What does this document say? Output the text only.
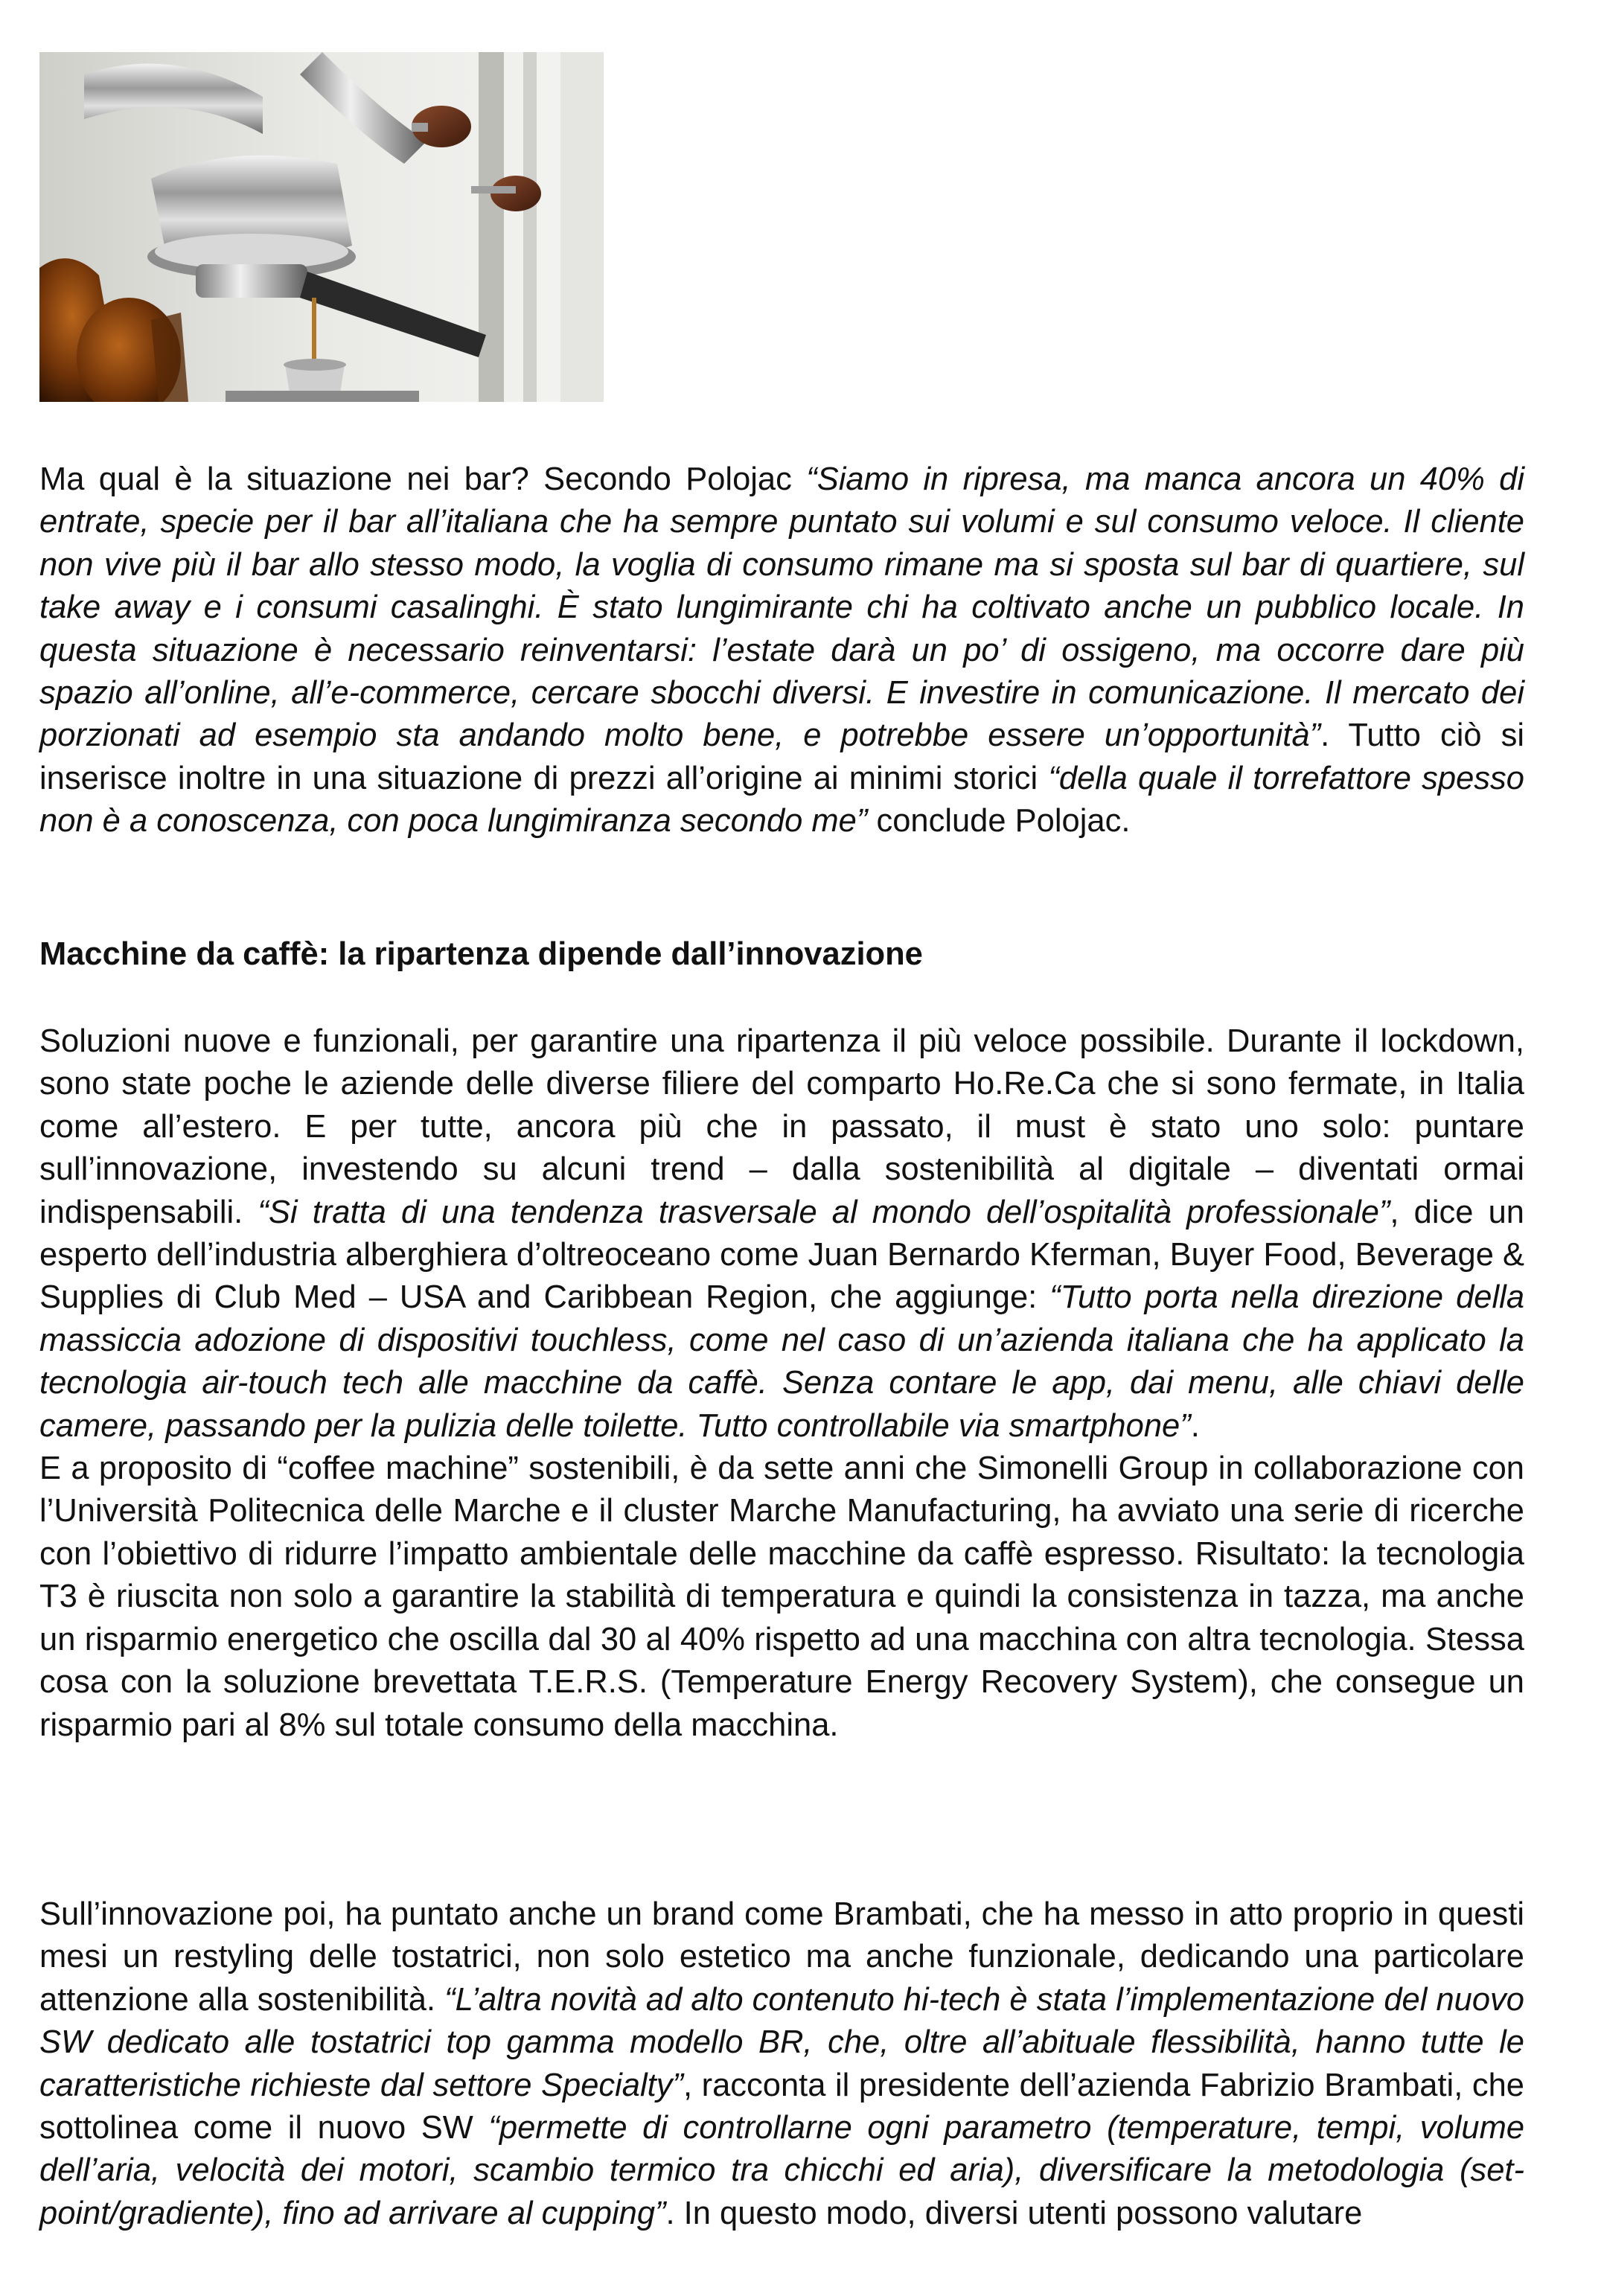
Ma qual è la situazione nei bar? Secondo Polojac “Siamo in ripresa, ma manca ancora un 40% di entrate, specie per il bar all’italiana che ha sempre puntato sui volumi e sul consumo veloce. Il cliente non vive più il bar allo stesso modo, la voglia di consumo rimane ma si sposta sul bar di quartiere, sul take away e i consumi casalinghi. È stato lungimirante chi ha coltivato anche un pubblico locale. In questa situazione è necessario reinventarsi: l’estate darà un po’ di ossigeno, ma occorre dare più spazio all’online, all’e-commerce, cercare sbocchi diversi. E investire in comunicazione. Il mercato dei porzionati ad esempio sta andando molto bene, e potrebbe essere un’opportunità”. Tutto ciò si inserisce inoltre in una situazione di prezzi all’origine ai minimi storici “della quale il torrefattore spesso non è a conoscenza, con poca lungimiranza secondo me” conclude Polojac.

Macchine da caffè: la ripartenza dipende dall’innovazione

Soluzioni nuove e funzionali, per garantire una ripartenza il più veloce possibile. Durante il lockdown, sono state poche le aziende delle diverse filiere del comparto Ho.Re.Ca che si sono fermate, in Italia come all’estero. E per tutte, ancora più che in passato, il must è stato uno solo: puntare sull’innovazione, investendo su alcuni trend – dalla sostenibilità al digitale – diventati ormai indispensabili. “Si tratta di una tendenza trasversale al mondo dell’ospitalità professionale”, dice un esperto dell’industria alberghiera d’oltreoceano come Juan Bernardo Kferman, Buyer Food, Beverage & Supplies di Club Med – USA and Caribbean Region, che aggiunge: “Tutto porta nella direzione della massiccia adozione di dispositivi touchless, come nel caso di un’azienda italiana che ha applicato la tecnologia air-touch tech alle macchine da caffè. Senza contare le app, dai menu, alle chiavi delle camere, passando per la pulizia delle toilette. Tutto controllabile via smartphone”.
E a proposito di “coffee machine” sostenibili, è da sette anni che Simonelli Group in collaborazione con l’Università Politecnica delle Marche e il cluster Marche Manufacturing, ha avviato una serie di ricerche con l’obiettivo di ridurre l’impatto ambientale delle macchine da caffè espresso. Risultato: la tecnologia T3 è riuscita non solo a garantire la stabilità di temperatura e quindi la consistenza in tazza, ma anche un risparmio energetico che oscilla dal 30 al 40% rispetto ad una macchina con altra tecnologia. Stessa cosa con la soluzione brevettata T.E.R.S. (Temperature Energy Recovery System), che consegue un risparmio pari al 8% sul totale consumo della macchina.

Sull’innovazione poi, ha puntato anche un brand come Brambati, che ha messo in atto proprio in questi mesi un restyling delle tostatrici, non solo estetico ma anche funzionale, dedicando una particolare attenzione alla sostenibilità. “L’altra novità ad alto contenuto hi-tech è stata l’implementazione del nuovo SW dedicato alle tostatrici top gamma modello BR, che, oltre all’abituale flessibilità, hanno tutte le caratteristiche richieste dal settore Specialty”, racconta il presidente dell’azienda Fabrizio Brambati, che sottolinea come il nuovo SW “permette di controllarne ogni parametro (temperature, tempi, volume dell’aria, velocità dei motori, scambio termico tra chicchi ed aria), diversificare la metodologia (set-point/gradiente), fino ad arrivare al cupping”. In questo modo, diversi utenti possono valutare
